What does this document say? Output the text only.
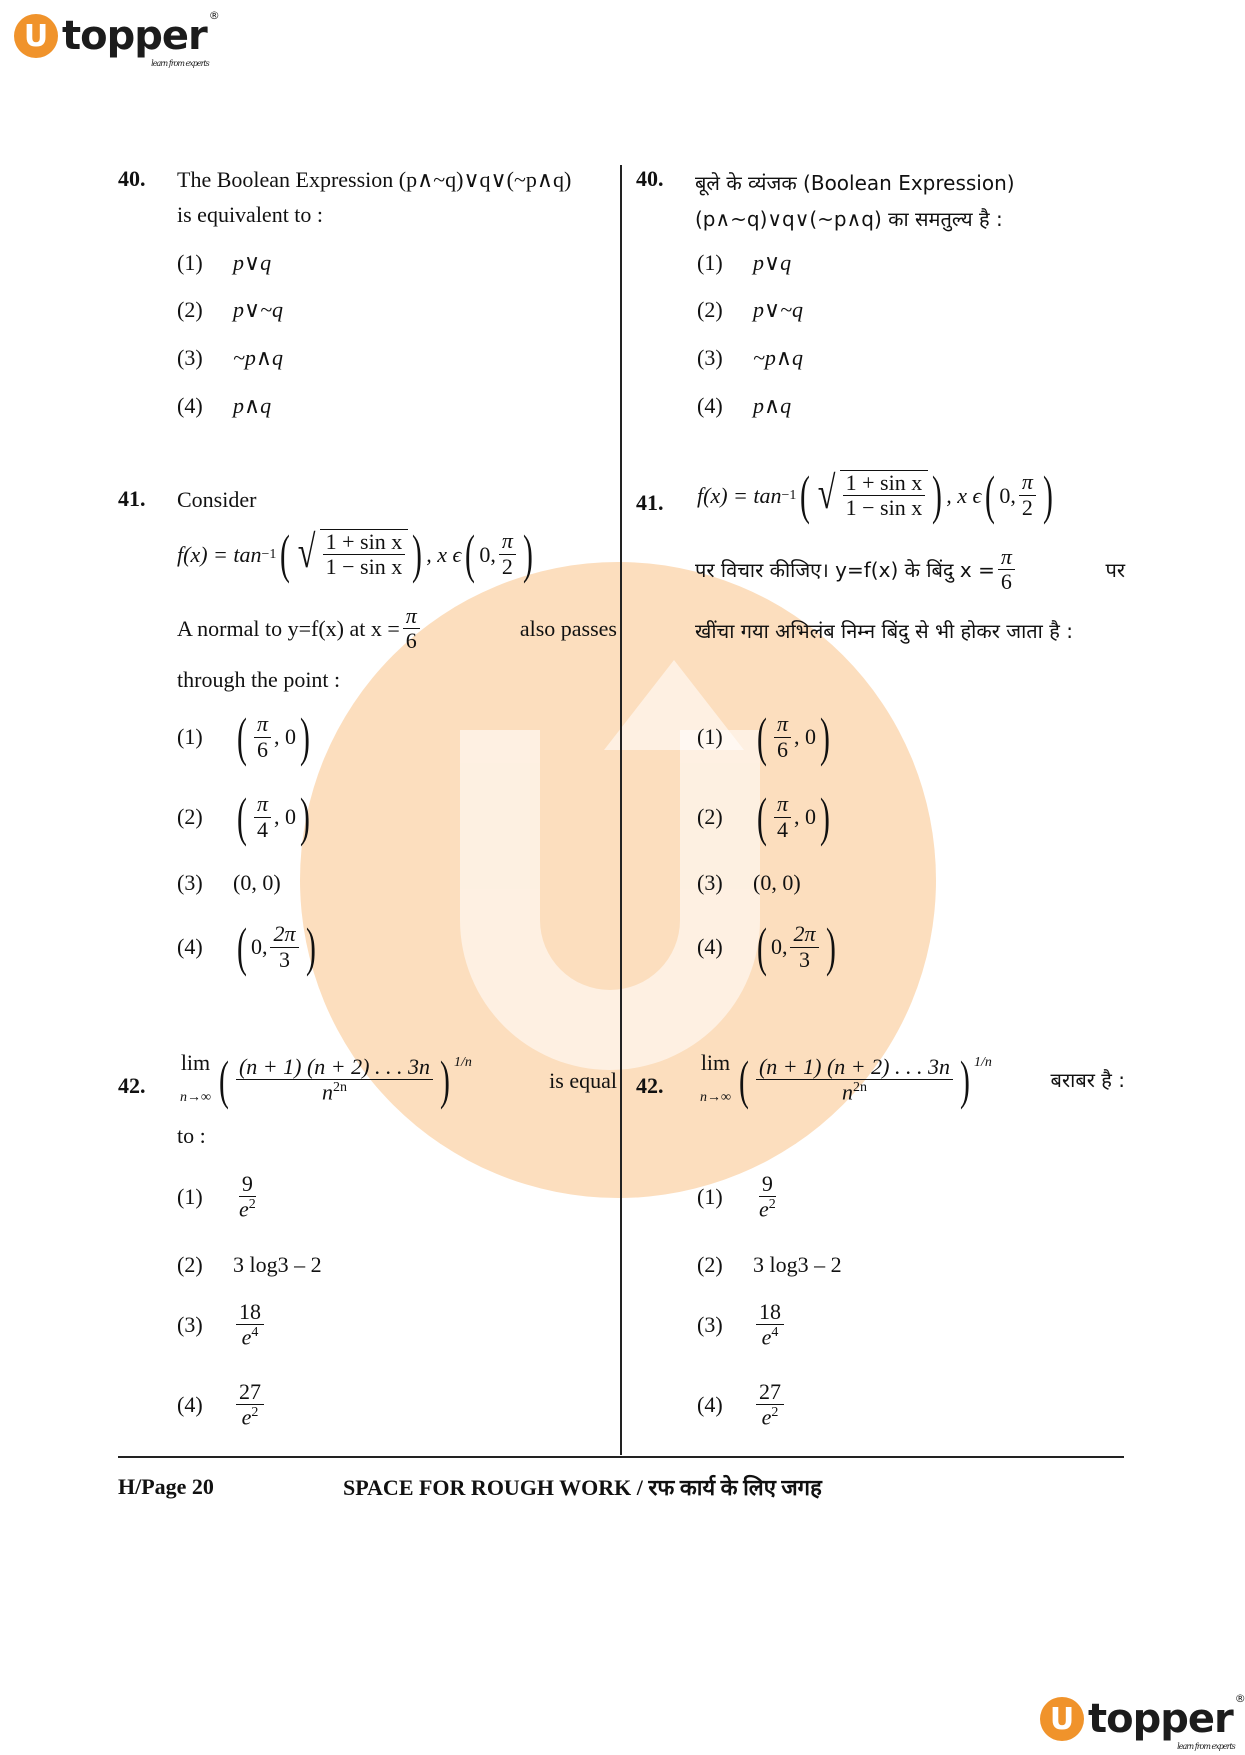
U topper ®
learn from experts
U topper ®
learn from experts
40. The Boolean Expression (p∧~q)∨q∨(~p∧q)
is equivalent to :
(1)	p∨q
(2)	p∨~q
(3)	~p∧q
(4)	p∧q
41. Consider
f(x) = tan −1 ( √ $\frac{\text{1 + sin x}}{\text{1 − sin x}}$ ) , x ϵ ( 0, $\frac{\pi}{2}$ )
A normal to y=f(x) at $x = \frac{\pi}{6}$	also passes
through the point :
(1) ( $\frac{\pi}{6}$ , 0 )
(2) ( $\frac{\pi}{4}$ , 0 )
(3)	(0, 0)
(4) ( 0, $\frac{2\pi}{3}$ )
42.
lim
n→∞ ( $\frac{(n + 1) (n + 2) . . . 3n}{n^{2n}}$ ) $^{1/n}$
is equal
to :
(1)	$\frac{9}{e^2}$
(2)	3 log3 – 2
(3)	$\frac{18}{e^4}$
(4)	$\frac{27}{e^2}$
40. बूले के व्यंजक (Boolean Expression)
(p∧~q)∨q∨(~p∧q) का समतुल्य है :
(1)	p∨q
(2)	p∨~q
(3)	~p∧q
(4)	p∧q
41. f(x) = tan −1 ( √ $\frac{\text{1 + sin x}}{\text{1 − sin x}}$ ) , x ϵ ( 0, $\frac{\pi}{2}$ )
पर विचार कीजिए। y=f(x) के बिंदु $x = \frac{\pi}{6}$	पर
खींचा गया अभिलंब निम्न बिंदु से भी होकर जाता है :
(1) ( $\frac{\pi}{6}$ , 0 )
(2) ( $\frac{\pi}{4}$ , 0 )
(3)	(0, 0)
(4) ( 0, $\frac{2\pi}{3}$ )
42.
lim
n→∞ ( $\frac{(n + 1) (n + 2) . . . 3n}{n^{2n}}$ ) $^{1/n}$
बराबर है :
(1)	$\frac{9}{e^2}$
(2)	3 log3 – 2
(3)	$\frac{18}{e^4}$
(4)	$\frac{27}{e^2}$
H/Page 20	SPACE FOR ROUGH WORK / रफ कार्य के लिए जगह
